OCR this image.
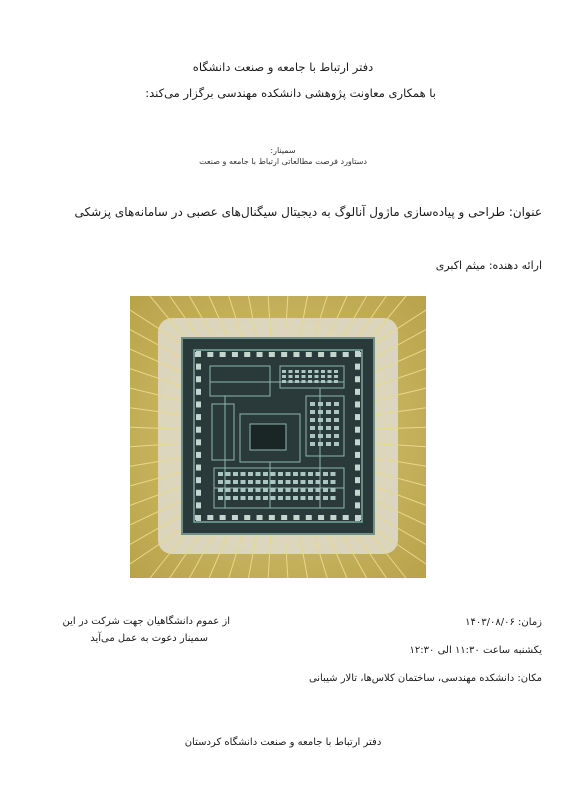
دفتر ارتباط با جامعه و صنعت دانشگاه
با همکاری معاونت پژوهشی دانشکده مهندسی برگزار می‌کند:
سمینار:
دستاورد فرصت مطالعاتی ارتباط با جامعه و صنعت
عنوان: طراحی و پیاده‌سازی ماژول آنالوگ به دیجیتال سیگنال‌های عصبی در سامانه‌های پزشکی
ارائه دهنده: میثم اکبری
از عموم دانشگاهیان جهت شرکت در این
سمینار دعوت به عمل می‌آید
زمان: ۱۴۰۳/۰۸/۰۶
یکشنبه ساعت ۱۱:۳۰ الی ۱۲:۳۰
مکان: دانشکده مهندسی، ساختمان کلاس‌ها، تالار شیبانی
دفتر ارتباط با جامعه و صنعت دانشگاه کردستان
